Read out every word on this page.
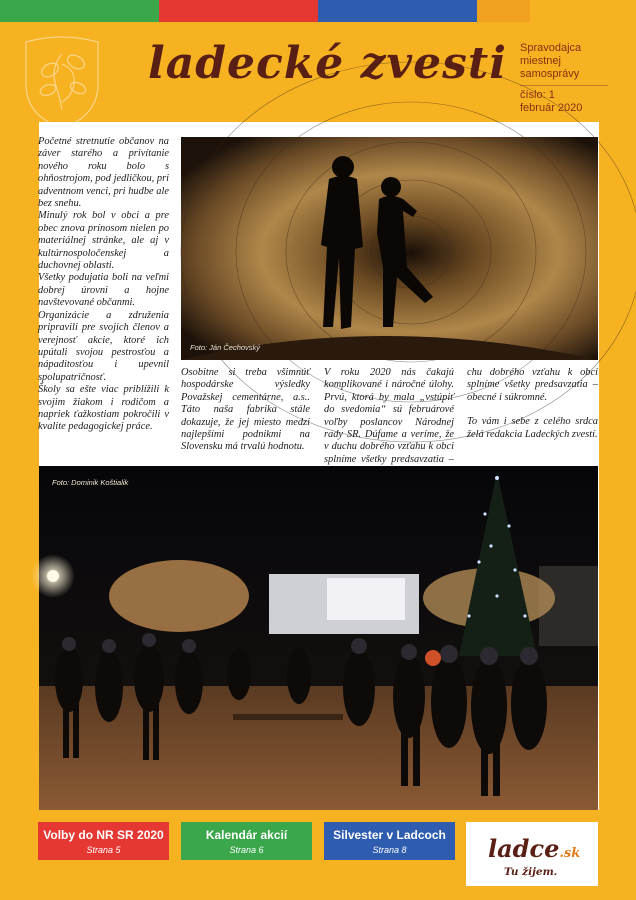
ladecké zvesti Spravodajca
miestnej
samosprávy
číslo: 1
február 2020

Početné stretnutie občanov na záver starého a privítanie nového roku bolo s ohňostrojom, pod jedličkou, pri adventnom venci, pri hudbe ale bez snehu.

Minulý rok bol v obci a pre obec znova prínosom nielen po materiálnej stránke, ale aj v kultúrnospoločenskej a duchovnej oblasti.

Všetky podujatia boli na veľmi dobrej úrovni a hojne navštevované občanmi.

Organizácie a združenia pripravili pre svojich členov a verejnosť akcie, ktoré ich upútali svojou pestrosťou a nápaditosťou i upevnil spolupatričnosť.

Školy sa ešte viac priblížili k svojim žiakom i rodičom a napriek ťažkostiam pokročili v kvalite pedagogickej práce.

Foto: Ján Čechovský
Osobitne si treba všimnúť hospodárske výsledky Považskej cementárne, a.s.. Táto naša fabrika stále dokazuje, že jej miesto medzi najlepšími podnikmi na Slovensku má trvalú hodnotu.
V roku 2020 nás čakajú komplikované i náročné úlohy. Prvú, ktorá by mala „vstúpiť do svedomia“ sú februárové voľby poslancov Národnej rady SR. Dúfame a veríme, že v duchu dobrého vzťahu k obci splníme všetky predsavzatia –

chu dobrého vzťahu k obci splníme všetky predsavzatia – obecné i súkromné.

To vám i sebe z celého srdca želá redakcia Ladeckých zvestí.

Foto: Dominik Koštialik
Volby do NR SR 2020
Strana 5
Kalendár akcií
Strana 6
Silvester v Ladcoch
Strana 8	ladce.sk
Tu žijem.
